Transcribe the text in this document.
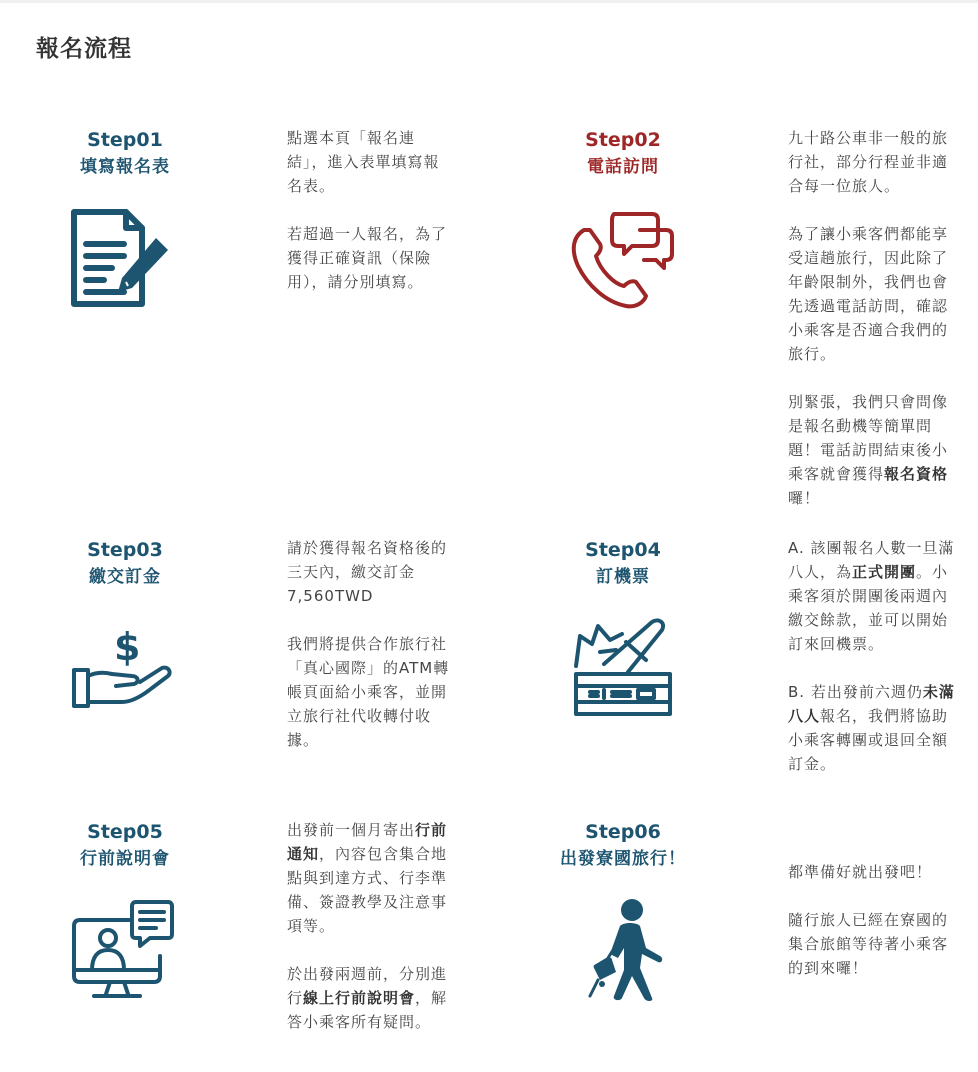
報名流程
Step01
填寫報名表

點選本頁「報名連結」，進入表單填寫報名表。

若超過一人報名，為了獲得正確資訊（保險用），請分別填寫。

Step02
電話訪問

九十路公車非一般的旅行社，部分行程並非適合每一位旅人。

為了讓小乘客們都能享受這趟旅行，因此除了年齡限制外，我們也會先透過電話訪問，確認小乘客是否適合我們的旅行。

別緊張，我們只會問像是報名動機等簡單問題！電話訪問結束後小乘客就會獲得報名資格囉！

Step03
繳交訂金
$

請於獲得報名資格後的三天內，繳交訂金7,560TWD

我們將提供合作旅行社「真心國際」的ATM轉帳頁面給小乘客，並開立旅行社代收轉付收據。

Step04
訂機票

A. 該團報名人數一旦滿八人，為正式開團。小乘客須於開團後兩週內繳交餘款，並可以開始訂來回機票。

B. 若出發前六週仍未滿八人報名，我們將協助小乘客轉團或退回全額訂金。

Step05
行前說明會

出發前一個月寄出行前通知，內容包含集合地點與到達方式、行李準備、簽證教學及注意事項等。

於出發兩週前，分別進行線上行前說明會，解答小乘客所有疑問。

Step06
出發寮國旅行！

都準備好就出發吧！

隨行旅人已經在寮國的集合旅館等待著小乘客的到來囉！
